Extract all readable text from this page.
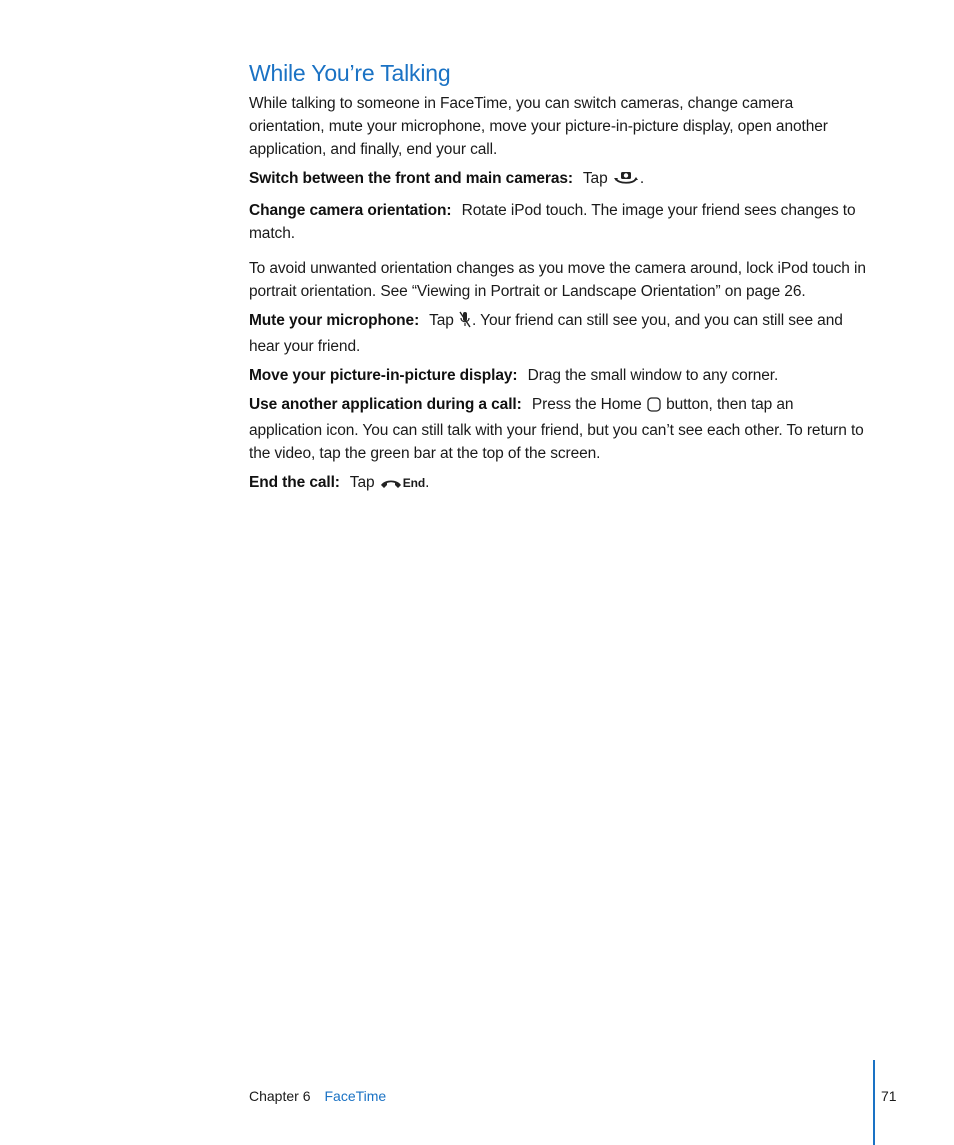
While You’re Talking

While talking to someone in FaceTime, you can switch cameras, change camera orientation, mute your microphone, move your picture-in-picture display, open another application, and finally, end your call.

Switch between the front and main cameras: Tap .

Change camera orientation: Rotate iPod touch. The image your friend sees changes to match.

To avoid unwanted orientation changes as you move the camera around, lock iPod touch in portrait orientation. See “Viewing in Portrait or Landscape Orientation” on page 26.

Mute your microphone: Tap . Your friend can still see you, and you can still see and hear your friend.

Move your picture-in-picture display: Drag the small window to any corner.

Use another application during a call: Press the Home button, then tap an application icon. You can still talk with your friend, but you can’t see each other. To return to the video, tap the green bar at the top of the screen.

End the call: Tap End.

Chapter 6 FaceTime	71
